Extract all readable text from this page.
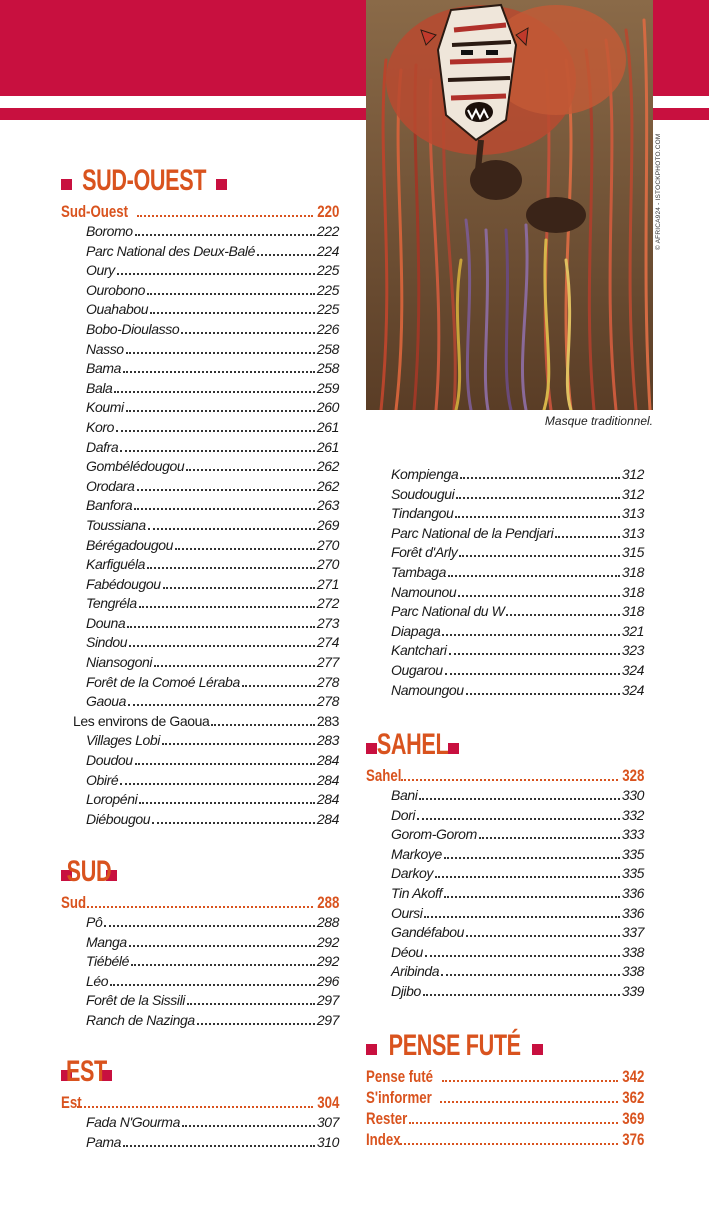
© AFRICA924 - ISTOCKPHOTO.COM
Masque traditionnel.
SUD-OUEST
Sud-Ouest	220
Boromo	222
Parc National des Deux-Balé	224
Oury	225
Ourobono	225
Ouahabou	225
Bobo-Dioulasso	226
Nasso	258
Bama	258
Bala	259
Koumi	260
Koro	261
Dafra	261
Gombélédougou	262
Orodara	262
Banfora	263
Toussiana	269
Bérégadougou	270
Karfiguéla	270
Fabédougou	271
Tengréla	272
Douna	273
Sindou	274
Niansogoni	277
Forêt de la Comoé Léraba	278
Gaoua	278
Les environs de Gaoua	283
Villages Lobi	283
Doudou	284
Obiré	284
Loropéni	284
Diébougou	284
SUD
Sud	288
Pô	288
Manga	292
Tiébélé	292
Léo	296
Forêt de la Sissili	297
Ranch de Nazinga	297
EST
Est	304
Fada N'Gourma	307
Pama	310
Kompienga	312
Soudougui	312
Tindangou	313
Parc National de la Pendjari	313
Forêt d'Arly	315
Tambaga	318
Namounou	318
Parc National du W	318
Diapaga	321
Kantchari	323
Ougarou	324
Namoungou	324
SAHEL
Sahel	328
Bani	330
Dori	332
Gorom-Gorom	333
Markoye	335
Darkoy	335
Tin Akoff	336
Oursi	336
Gandéfabou	337
Déou	338
Aribinda	338
Djibo	339
PENSE FUTÉ
Pense futé	342
S'informer	362
Rester	369
Index	376
